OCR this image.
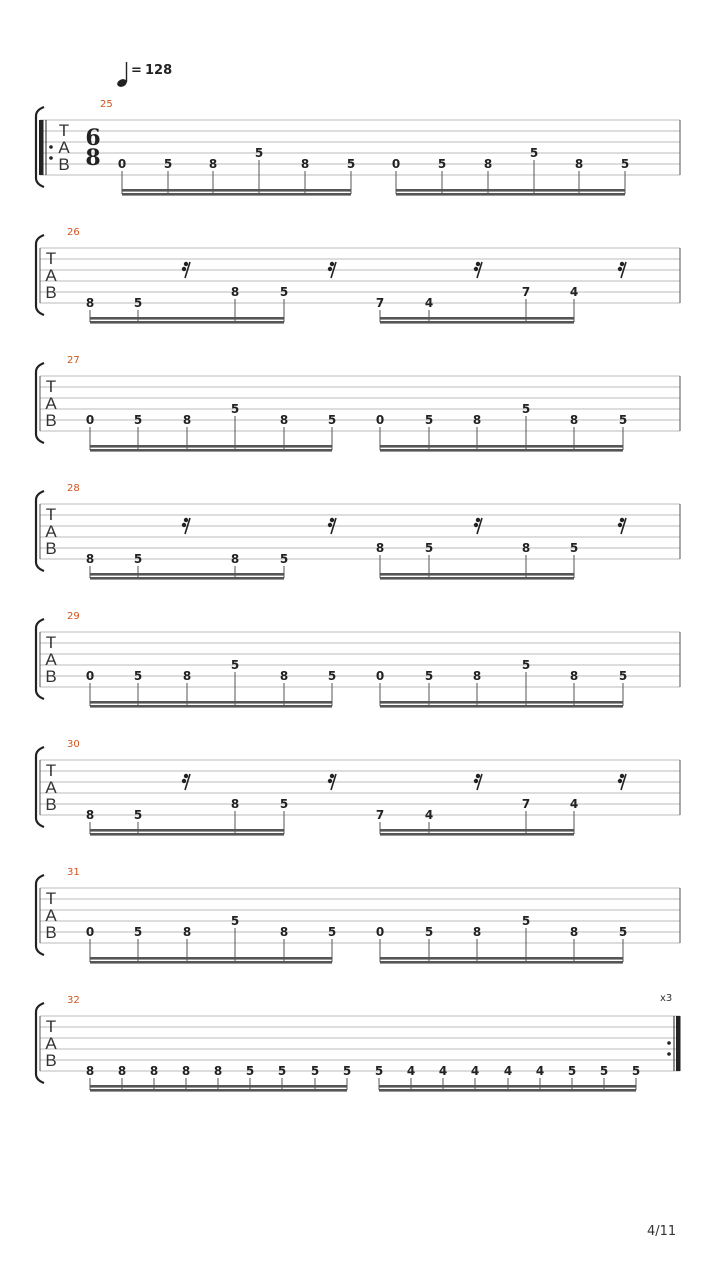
= 128
T
A
B
25
6
8 0	5	8
5
8	5	0	5	8
5
8	5
T
A
B
26
8	5
8	5
7	4
7	4
T
A
B
27
0	5	8
5
8	5	0	5	8
5
8	5
T
A
B
28
8	5	8	5
8	5	8	5
T
A
B
29
0	5	8
5
8	5	0	5	8
5
8	5
T
A
B
30
8	5
8	5
7	4
7	4
T
A
B
31
0	5	8
5
8	5	0	5	8
5
8	5
T
A
B
32	x3
8 8 8 8 8 5 5 5 5 5 4 4 4 4 4 5 5 5
4/11
